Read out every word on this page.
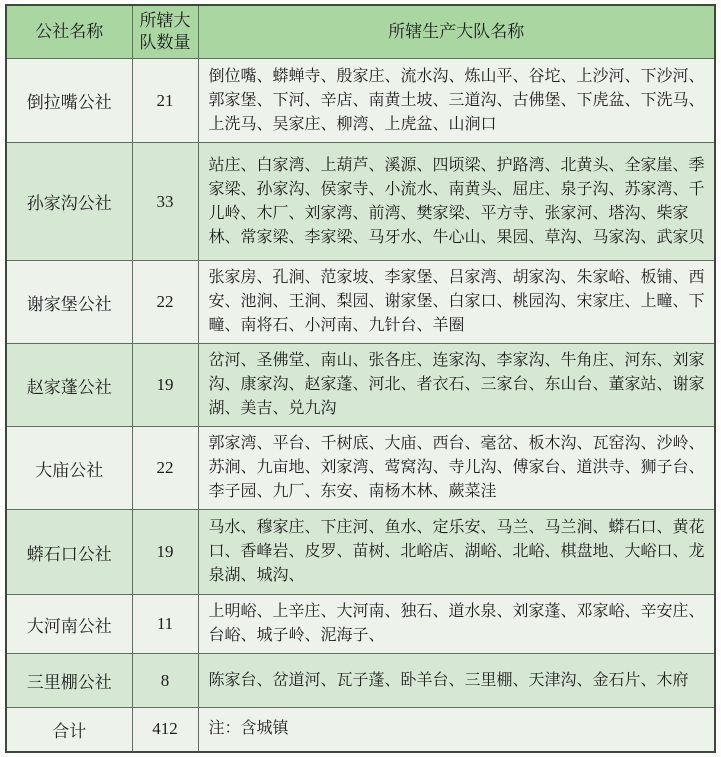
公社名称	所辖大队数量	所辖生产大队名称
倒拉嘴公社	21	倒位嘴、蟒蝉寺、殷家庄、流水沟、炼山平、谷坨、上沙河、下沙河、郭家堡、下河、辛店、南黄土坡、三道沟、古佛堡、下虎盆、下洗马、上洗马、吴家庄、柳湾、上虎盆、山涧口
孙家沟公社	33	站庄、白家湾、上葫芦、溪源、四顷梁、护路湾、北黄头、全家崖、季家梁、孙家沟、侯家寺、小流水、南黄头、屈庄、泉子沟、苏家湾、千儿岭、木厂、刘家湾、前湾、樊家梁、平方寺、张家河、塔沟、柴家林、常家梁、李家梁、马牙水、牛心山、果园、草沟、马家沟、武家贝
谢家堡公社	22	张家房、孔涧、范家坡、李家堡、吕家湾、胡家沟、朱家峪、板铺、西安、池涧、王涧、梨园、谢家堡、白家口、桃园沟、宋家庄、上疃、下疃、南将石、小河南、九针台、羊圈
赵家蓬公社	19	岔河、圣佛堂、南山、张各庄、连家沟、李家沟、牛角庄、河东、刘家沟、康家沟、赵家蓬、河北、者衣石、三家台、东山台、董家站、谢家湖、美吉、兑九沟
大庙公社	22	郭家湾、平台、千树底、大庙、西台、毫岔、板木沟、瓦窑沟、沙岭、苏涧、九亩地、刘家湾、莺窝沟、寺儿沟、傅家台、道洪寺、狮子台、李子园、九厂、东安、南杨木林、蕨菜洼
蟒石口公社	19	马水、穆家庄、下庄河、鱼水、定乐安、马兰、马兰涧、蟒石口、黄花口、香峰岩、皮罗、苗树、北峪店、湖峪、北峪、棋盘地、大峪口、龙泉湖、城沟、
大河南公社	11	上明峪、上辛庄、大河南、独石、道水泉、刘家蓬、邓家峪、辛安庄、台峪、城子岭、泥海子、
三里棚公社	8	陈家台、岔道河、瓦子蓬、卧羊台、三里棚、天津沟、金石片、木府
合计	412	注：含城镇
